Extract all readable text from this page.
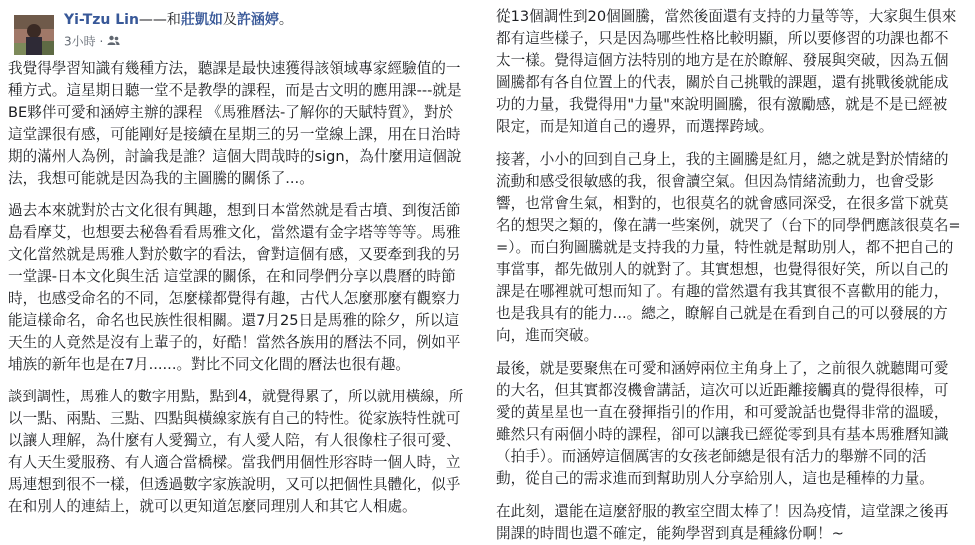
Yi-Tzu Lin——和莊凱如及許涵婷。
3小時 ·
我覺得學習知識有幾種方法，聽課是最快速獲得該領域專家經驗值的一
種方式。這星期日聽一堂不是教學的課程，而是古文明的應用課---就是
BE夥伴可愛和涵婷主辦的課程 《馬雅曆法-了解你的天賦特質》，對於
這堂課很有感，可能剛好是接續在星期三的另一堂線上課，用在日治時
期的滿州人為例，討論我是誰？這個大問哉時的sign，為什麼用這個說
法，我想可能就是因為我的主圖騰的關係了...。
過去本來就對於古文化很有興趣，想到日本當然就是看古墳、到復活節
島看摩艾，也想要去秘魯看看馬雅文化，當然還有金字塔等等等。馬雅
文化當然就是馬雅人對於數字的看法，會對這個有感，又要牽到我的另
一堂課-日本文化與生活 這堂課的關係，在和同學們分享以農曆的時節
時，也感受命名的不同，怎麼樣都覺得有趣，古代人怎麼那麼有觀察力
能這樣命名，命名也民族性很相關。還7月25日是馬雅的除夕，所以這
天生的人竟然是沒有上輩子的，好酷！當然各族用的曆法不同，例如平
埔族的新年也是在7月......。對比不同文化間的曆法也很有趣。
談到調性，馬雅人的數字用點，點到4，就覺得累了，所以就用橫線，所
以一點、兩點、三點、四點與橫線家族有自己的特性。從家族特性就可
以讓人理解，為什麼有人愛獨立，有人愛人陪，有人很像柱子很可愛、
有人天生愛服務、有人適合當橋樑。當我們用個性形容時一個人時，立
馬連想到很不一樣，但透過數字家族說明，又可以把個性具體化，似乎
在和別人的連結上，就可以更知道怎麼同理別人和其它人相處。
從13個調性到20個圖騰，當然後面還有支持的力量等等，大家與生俱來
都有這些樣子，只是因為哪些性格比較明顯，所以要修習的功課也都不
太一樣。覺得這個方法特別的地方是在於瞭解、發展與突破，因為五個
圖騰都有各自位置上的代表，關於自己挑戰的課題，還有挑戰後就能成
功的力量，我覺得用"力量"來說明圖騰，很有激勵感，就是不是已經被
限定，而是知道自己的邊界，而選擇跨域。
接著，小小的回到自己身上，我的主圖騰是紅月，總之就是對於情緒的
流動和感受很敏感的我，很會讀空氣。但因為情緒流動力，也會受影
響，也常會生氣，相對的，也很莫名的就會感同深受，在很多當下就莫
名的想哭之類的，像在講一些案例，就哭了（台下的同學們應該很莫名=
=）。而白狗圖騰就是支持我的力量，特性就是幫助別人，都不把自己的
事當事，都先做別人的就對了。其實想想，也覺得很好笑，所以自己的
課是在哪裡就可想而知了。有趣的當然還有我其實很不喜歡用的能力，
也是我具有的能力...。總之，瞭解自己就是在看到自己的可以發展的方
向，進而突破。
最後，就是要聚焦在可愛和涵婷兩位主角身上了，之前很久就聽聞可愛
的大名，但其實都沒機會講話，這次可以近距離接觸真的覺得很棒，可
愛的黃星星也一直在發揮指引的作用，和可愛說話也覺得非常的溫暖，
雖然只有兩個小時的課程，卻可以讓我已經從零到具有基本馬雅曆知識
（拍手）。而涵婷這個厲害的女孩老師總是很有活力的舉辦不同的活
動，從自己的需求進而到幫助別人分享給別人，這也是種棒的力量。
在此刻，還能在這麼舒服的教室空間太棒了！因為疫情，這堂課之後再
開課的時間也還不確定，能夠學習到真是種緣份啊！~
